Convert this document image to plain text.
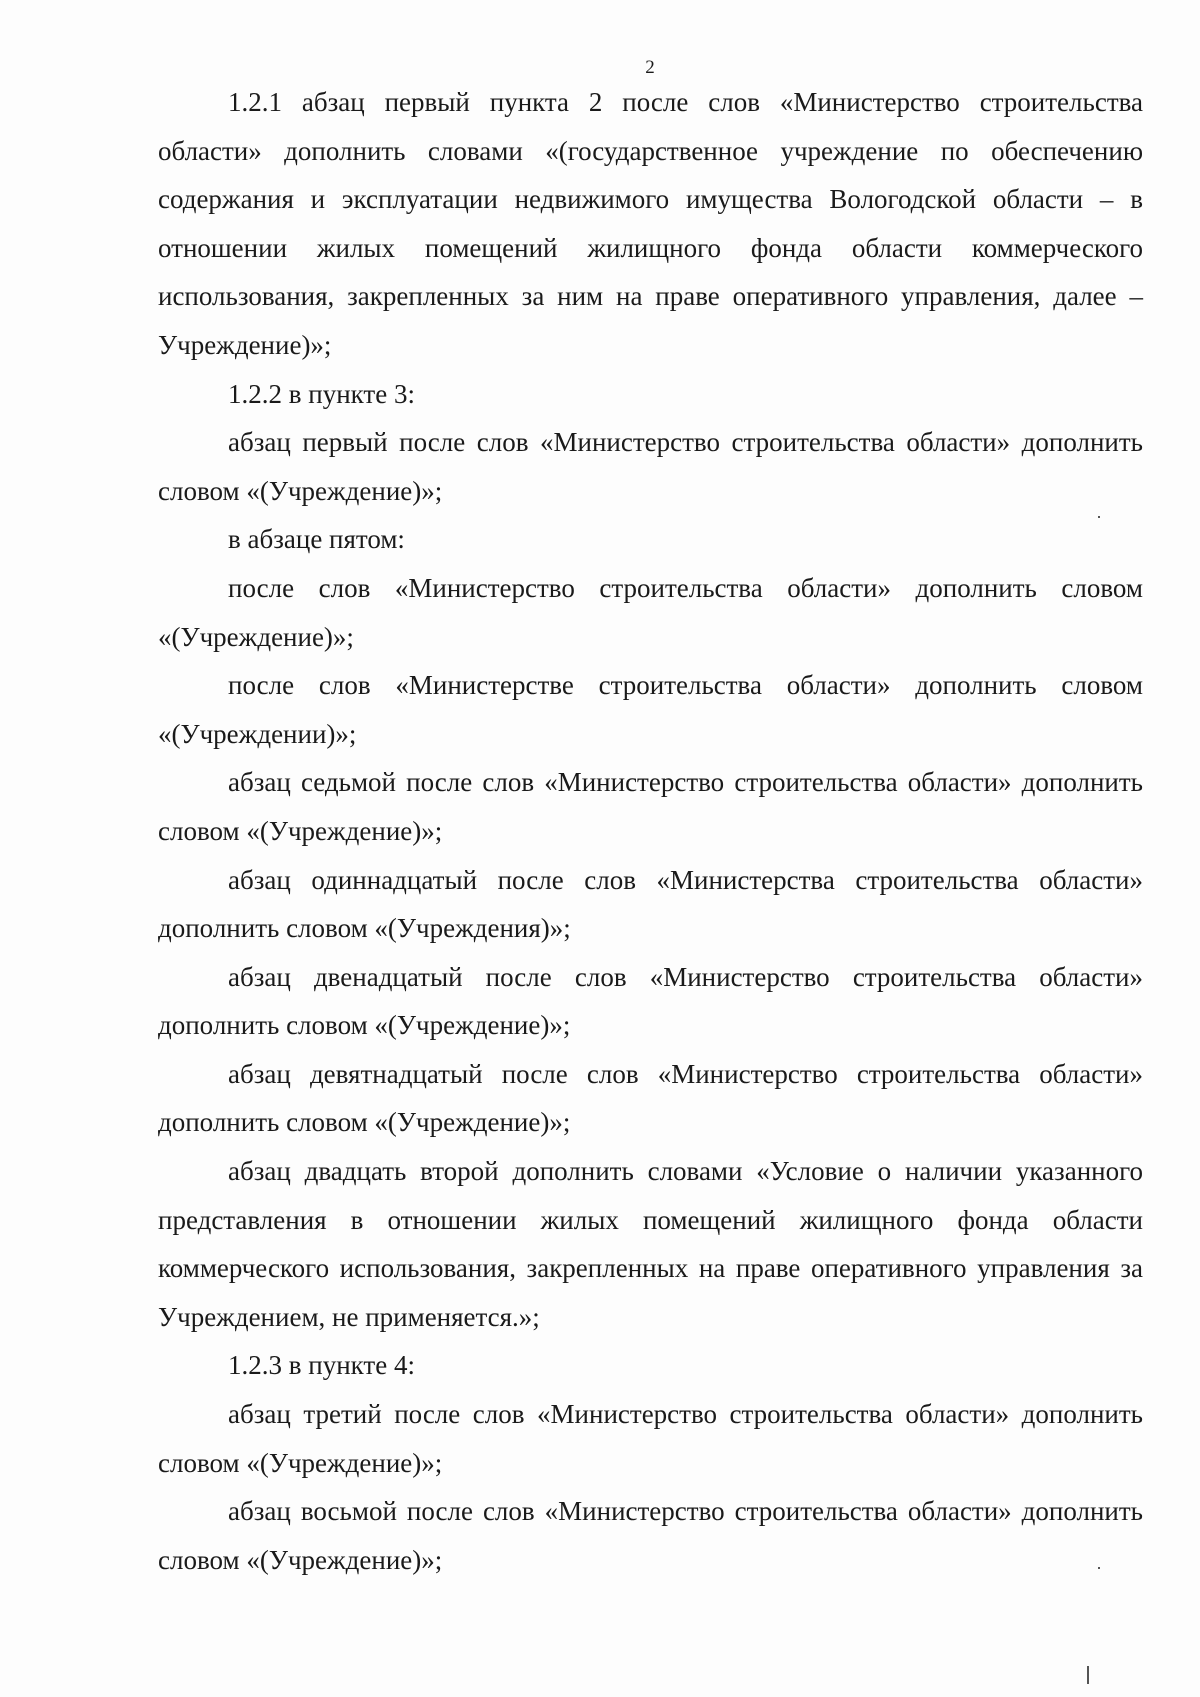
2

1.2.1 абзац первый пункта 2 после слов «Министерство строительства области» дополнить словами «(государственное учреждение по обеспечению содержания и эксплуатации недвижимого имущества Вологодской области – в отношении жилых помещений жилищного фонда области коммерческого использования, закрепленных за ним на праве оперативного управления, далее – Учреждение)»;

1.2.2 в пункте 3:

абзац первый после слов «Министерство строительства области» дополнить словом «(Учреждение)»;

в абзаце пятом:

после слов «Министерство строительства области» дополнить словом «(Учреждение)»;

после слов «Министерстве строительства области» дополнить словом «(Учреждении)»;

абзац седьмой после слов «Министерство строительства области» дополнить словом «(Учреждение)»;

абзац одиннадцатый после слов «Министерства строительства области» дополнить словом «(Учреждения)»;

абзац двенадцатый после слов «Министерство строительства области» дополнить словом «(Учреждение)»;

абзац девятнадцатый после слов «Министерство строительства области» дополнить словом «(Учреждение)»;

абзац двадцать второй дополнить словами «Условие о наличии указанного представления в отношении жилых помещений жилищного фонда области коммерческого использования, закрепленных на праве оперативного управления за Учреждением, не применяется.»;

1.2.3 в пункте 4:

абзац третий после слов «Министерство строительства области» дополнить словом «(Учреждение)»;

абзац восьмой после слов «Министерство строительства области» дополнить словом «(Учреждение)»;
